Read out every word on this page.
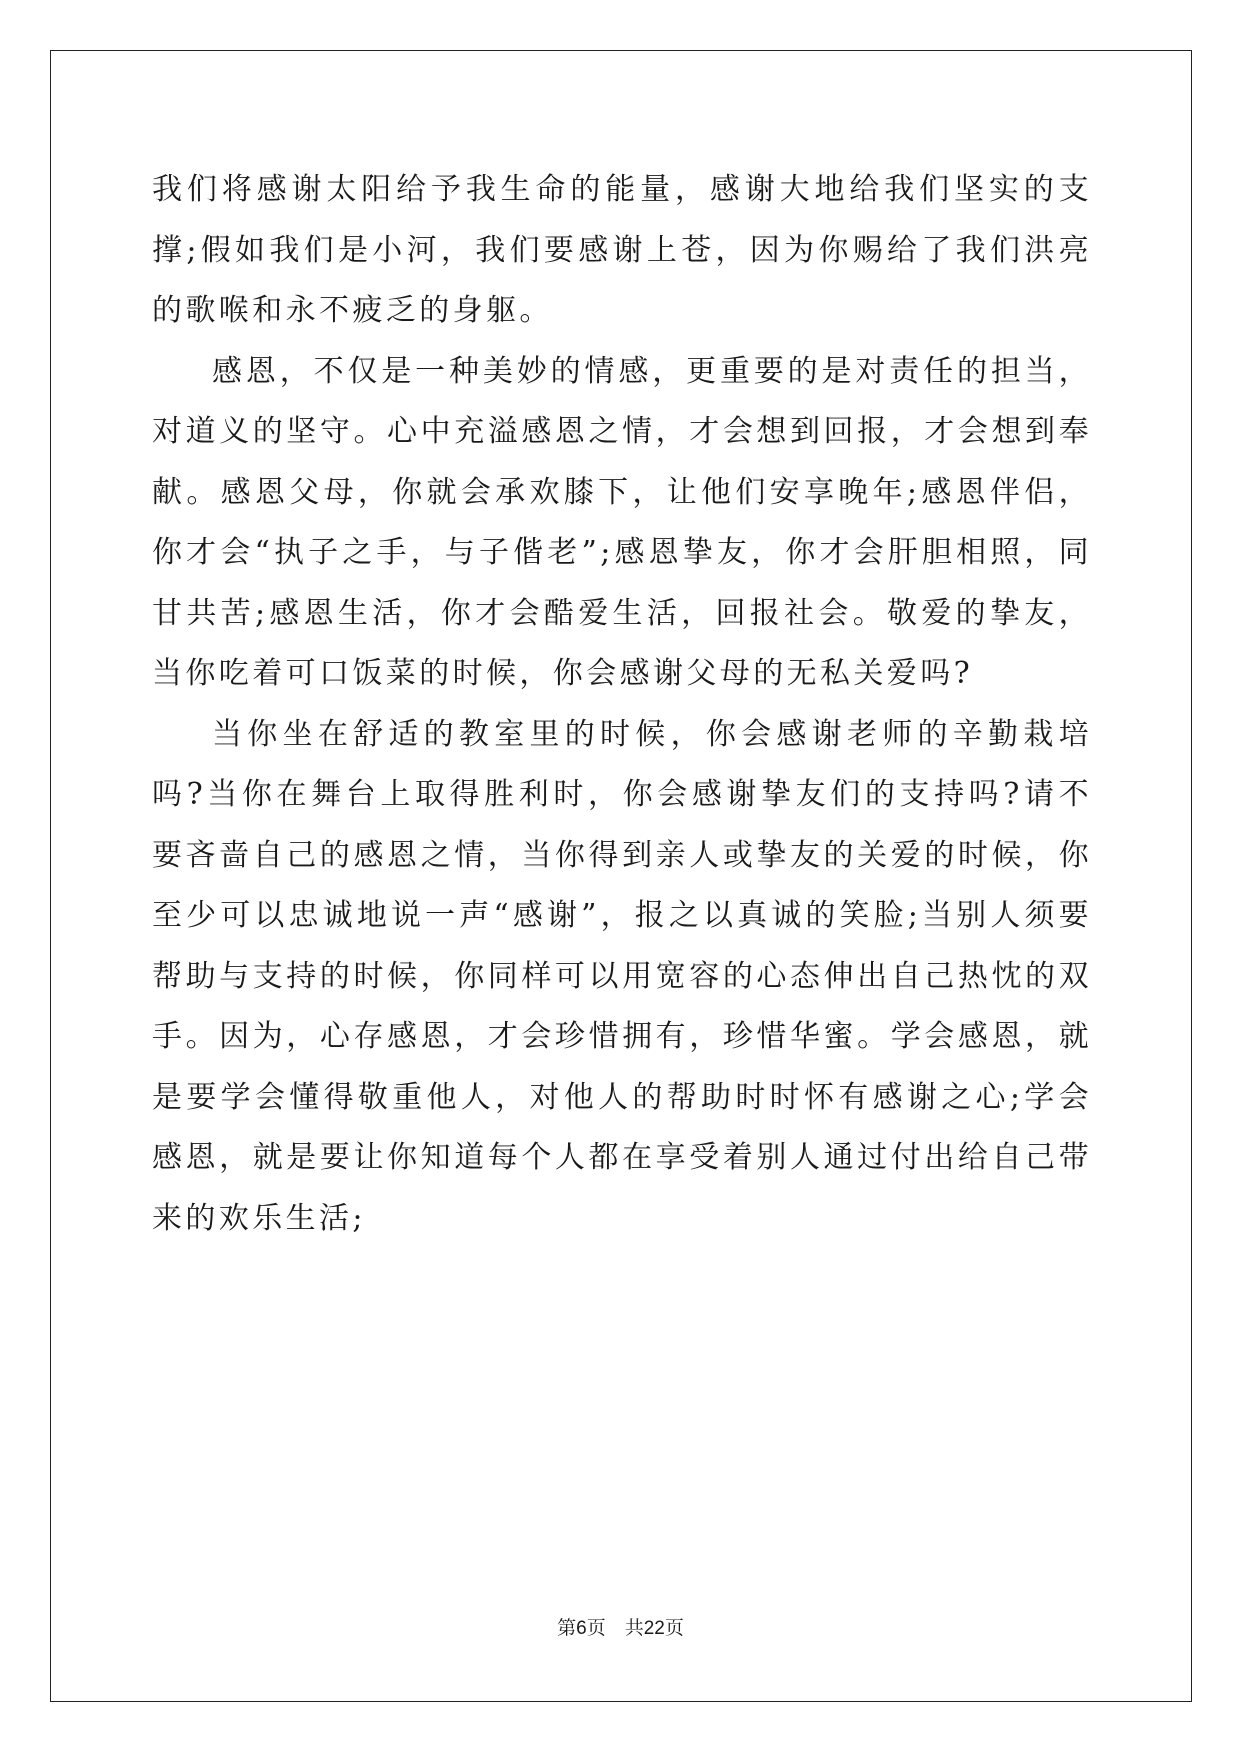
我们将感谢太阳给予我生命的能量，感谢大地给我们坚实的支撑;假如我们是小河，我们要感谢上苍，因为你赐给了我们洪亮的歌喉和永不疲乏的身躯。

感恩，不仅是一种美妙的情感，更重要的是对责任的担当，对道义的坚守。心中充溢感恩之情，才会想到回报，才会想到奉献。感恩父母，你就会承欢膝下，让他们安享晚年;感恩伴侣，你才会“执子之手，与子偕老”;感恩挚友，你才会肝胆相照，同甘共苦;感恩生活，你才会酷爱生活，回报社会。敬爱的挚友，当你吃着可口饭菜的时候，你会感谢父母的无私关爱吗?

当你坐在舒适的教室里的时候，你会感谢老师的辛勤栽培吗?当你在舞台上取得胜利时，你会感谢挚友们的支持吗?请不要吝啬自己的感恩之情，当你得到亲人或挚友的关爱的时候，你至少可以忠诚地说一声“感谢”，报之以真诚的笑脸;当别人须要帮助与支持的时候，你同样可以用宽容的心态伸出自己热忱的双手。因为，心存感恩，才会珍惜拥有，珍惜华蜜。学会感恩，就是要学会懂得敬重他人，对他人的帮助时时怀有感谢之心;学会感恩，就是要让你知道每个人都在享受着别人通过付出给自己带来的欢乐生活;

第6页　共22页
